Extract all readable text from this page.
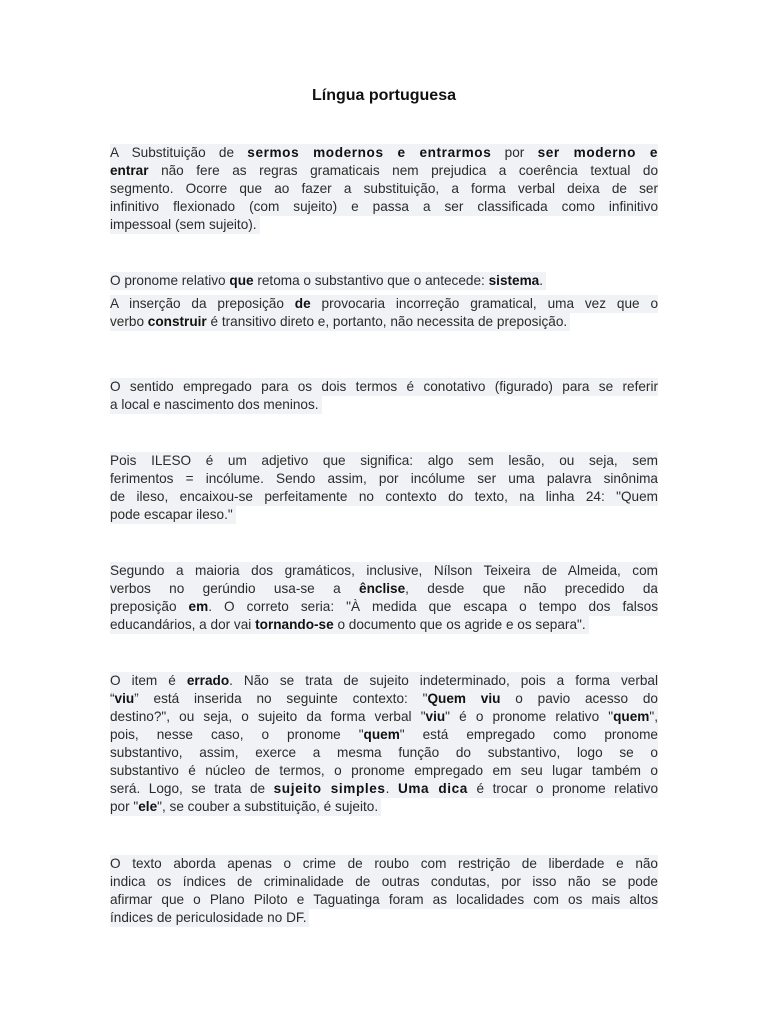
Língua portuguesa
A Substituição de sermos modernos e entrarmos por ser moderno e
entrar não fere as regras gramaticais nem prejudica a coerência textual do
segmento. Ocorre que ao fazer a substituição, a forma verbal deixa de ser
infinitivo flexionado (com sujeito) e passa a ser classificada como infinitivo
impessoal (sem sujeito).
O pronome relativo que retoma o substantivo que o antecede: sistema.
A inserção da preposição de provocaria incorreção gramatical, uma vez que o
verbo construir é transitivo direto e, portanto, não necessita de preposição.
O sentido empregado para os dois termos é conotativo (figurado) para se referir
a local e nascimento dos meninos.
Pois ILESO é um adjetivo que significa: algo sem lesão, ou seja, sem
ferimentos = incólume. Sendo assim, por incólume ser uma palavra sinônima
de ileso, encaixou-se perfeitamente no contexto do texto, na linha 24: "Quem
pode escapar ileso."
Segundo a maioria dos gramáticos, inclusive, Nílson Teixeira de Almeida, com
verbos no gerúndio usa-se a ênclise, desde que não precedido da
preposição em. O correto seria: "À medida que escapa o tempo dos falsos
educandários, a dor vai tornando-se o documento que os agride e os separa".
O item é errado. Não se trata de sujeito indeterminado, pois a forma verbal
“viu” está inserida no seguinte contexto: "Quem viu o pavio acesso do
destino?", ou seja, o sujeito da forma verbal "viu" é o pronome relativo "quem",
pois, nesse caso, o pronome "quem" está empregado como pronome
substantivo, assim, exerce a mesma função do substantivo, logo se o
substantivo é núcleo de termos, o pronome empregado em seu lugar também o
será. Logo, se trata de sujeito simples. Uma dica é trocar o pronome relativo
por "ele", se couber a substituição, é sujeito.
O texto aborda apenas o crime de roubo com restrição de liberdade e não
indica os índices de criminalidade de outras condutas, por isso não se pode
afirmar que o Plano Piloto e Taguatinga foram as localidades com os mais altos
índices de periculosidade no DF.
